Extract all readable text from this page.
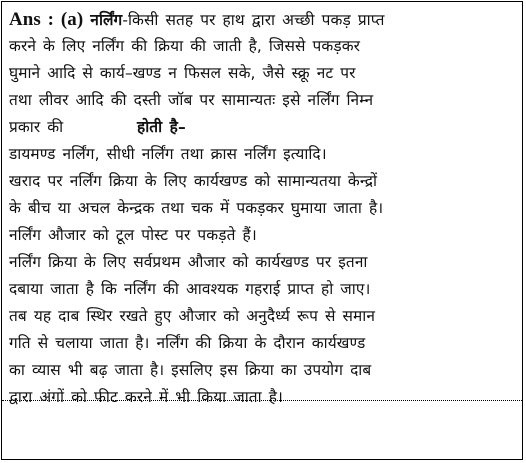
Ans : (a) नर्लिंग-किसी सतह पर हाथ द्वारा अच्छी पकड़ प्राप्त
करने के लिए नर्लिंग की क्रिया की जाती है, जिससे पकड़कर
घुमाने आदि से कार्य–खण्ड न फिसल सके, जैसे स्क्रू नट पर
तथा लीवर आदि की दस्ती जॉब पर सामान्यतः इसे नर्लिंग निम्न
प्रकार की	होती है–
डायमण्ड नर्लिंग, सीधी नर्लिंग तथा क्रास नर्लिंग इत्यादि।
खराद पर नर्लिंग क्रिया के लिए कार्यखण्ड को सामान्यतया केन्द्रों
के बीच या अचल केन्द्रक तथा चक में पकड़कर घुमाया जाता है।
नर्लिंग औजार को टूल पोस्ट पर पकड़ते हैं।
नर्लिंग क्रिया के लिए सर्वप्रथम औजार को कार्यखण्ड पर इतना
दबाया जाता है कि नर्लिंग की आवश्यक गहराई प्राप्त हो जाए।
तब यह दाब स्थिर रखते हुए औजार को अनुदैर्ध्य रूप से समान
गति से चलाया जाता है। नर्लिंग की क्रिया के दौरान कार्यखण्ड
का व्यास भी बढ़ जाता है। इसलिए इस क्रिया का उपयोग दाब
द्वारा अंगों को फीट करने में भी किया जाता है।
